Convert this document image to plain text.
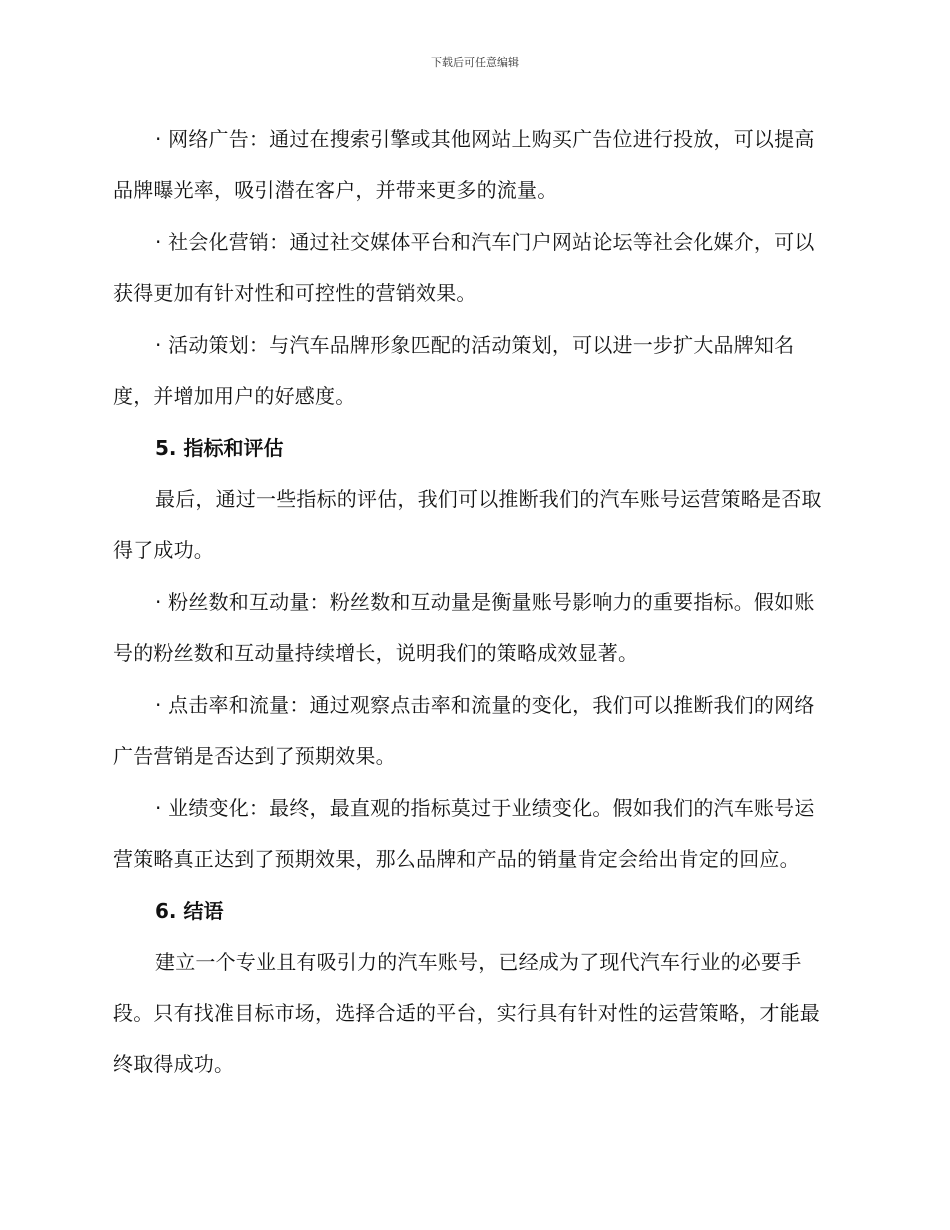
下载后可任意编辑

· 网络广告：通过在搜索引擎或其他网站上购买广告位进行投放，可以提高品牌曝光率，吸引潜在客户，并带来更多的流量。

· 社会化营销：通过社交媒体平台和汽车门户网站论坛等社会化媒介，可以获得更加有针对性和可控性的营销效果。

· 活动策划：与汽车品牌形象匹配的活动策划，可以进一步扩大品牌知名度，并增加用户的好感度。

5. 指标和评估

最后，通过一些指标的评估，我们可以推断我们的汽车账号运营策略是否取得了成功。

· 粉丝数和互动量：粉丝数和互动量是衡量账号影响力的重要指标。假如账号的粉丝数和互动量持续增长，说明我们的策略成效显著。

· 点击率和流量：通过观察点击率和流量的变化，我们可以推断我们的网络广告营销是否达到了预期效果。

· 业绩变化：最终，最直观的指标莫过于业绩变化。假如我们的汽车账号运营策略真正达到了预期效果，那么品牌和产品的销量肯定会给出肯定的回应。

6. 结语

建立一个专业且有吸引力的汽车账号，已经成为了现代汽车行业的必要手段。只有找准目标市场，选择合适的平台，实行具有针对性的运营策略，才能最终取得成功。
